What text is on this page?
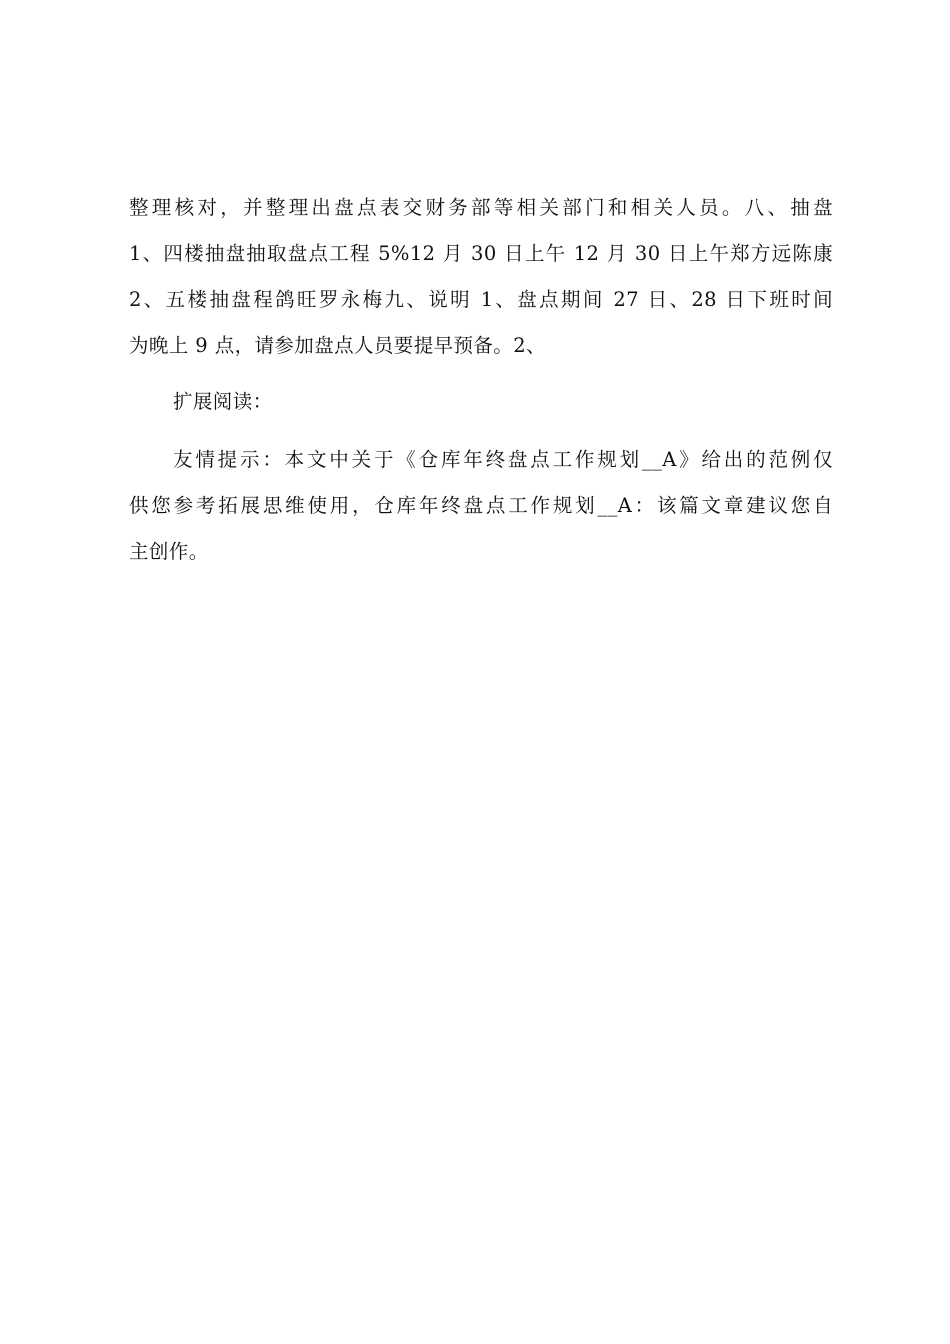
整理核对，并整理出盘点表交财务部等相关部门和相关人员。八、抽盘
1、四楼抽盘抽取盘点工程 5%12 月 30 日上午 12 月 30 日上午郑方远陈康
2、五楼抽盘程鸽旺罗永梅九、说明 1、盘点期间 27 日、28 日下班时间
为晚上 9 点，请参加盘点人员要提早预备。2、
扩展阅读：
友情提示：本文中关于《仓库年终盘点工作规划__A》给出的范例仅
供您参考拓展思维使用，仓库年终盘点工作规划__A：该篇文章建议您自
主创作。
